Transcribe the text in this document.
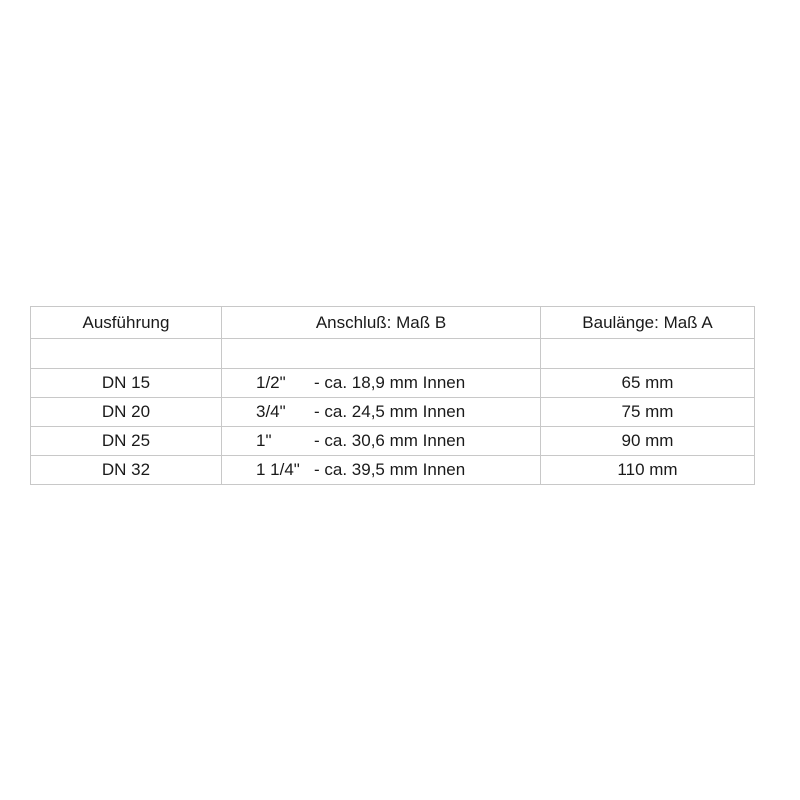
Ausführung	Anschluß: Maß B	Baulänge: Maß A

DN 15	1/2" - ca. 18,9 mm Innen	65 mm
DN 20	3/4" - ca. 24,5 mm Innen	75 mm
DN 25	1" - ca. 30,6 mm Innen	90 mm
DN 32	1 1/4" - ca. 39,5 mm Innen	110 mm
